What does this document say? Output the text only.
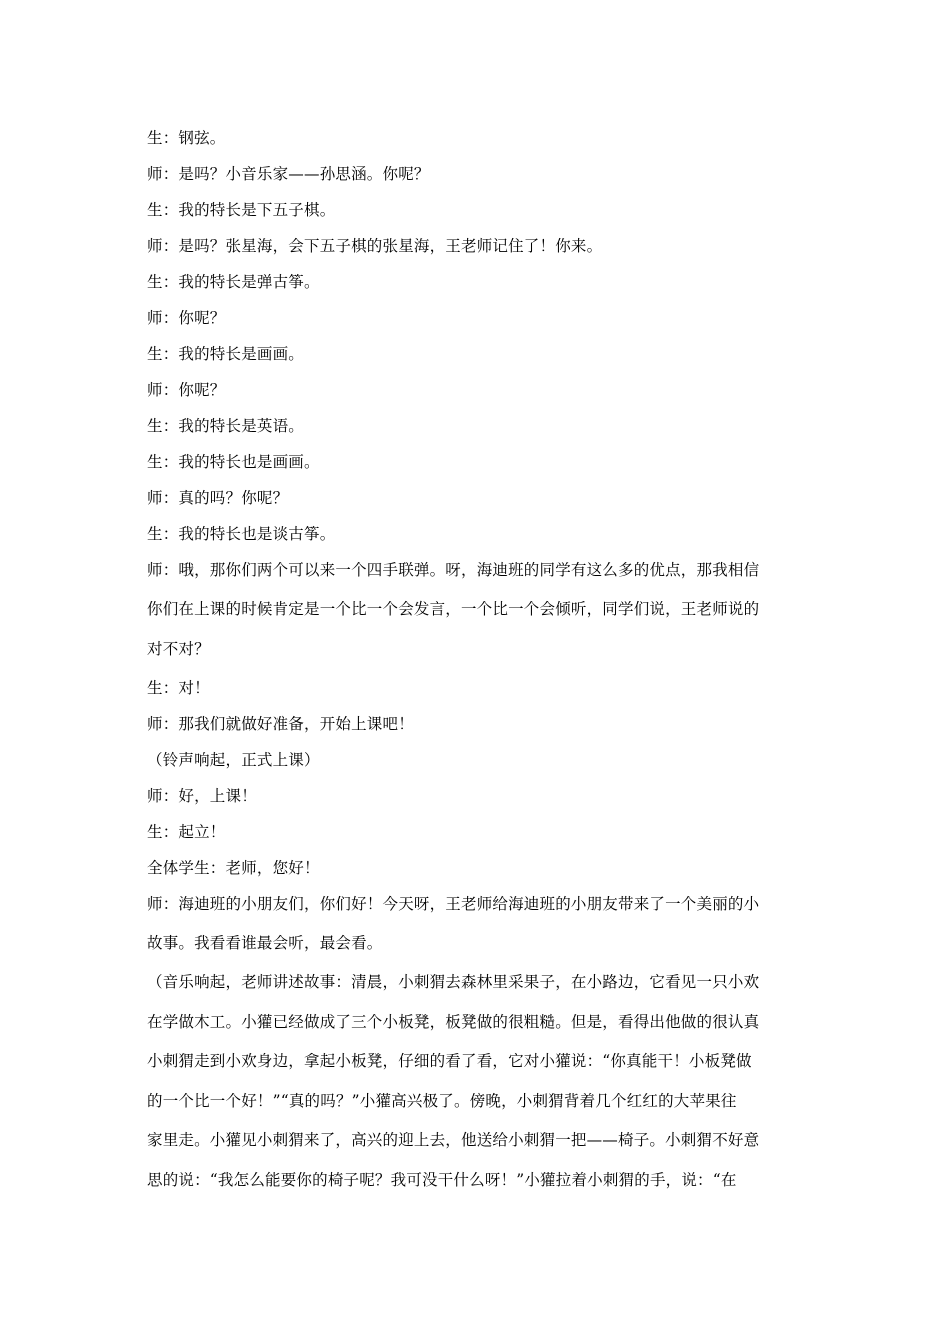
生：钢弦。
师：是吗？小音乐家——孙思涵。你呢？
生：我的特长是下五子棋。
师：是吗？张星海，会下五子棋的张星海，王老师记住了！你来。
生：我的特长是弹古筝。
师：你呢？
生：我的特长是画画。
师：你呢？
生：我的特长是英语。
生：我的特长也是画画。
师：真的吗？你呢？
生：我的特长也是谈古筝。
师：哦，那你们两个可以来一个四手联弹。呀，海迪班的同学有这么多的优点，那我相信
你们在上课的时候肯定是一个比一个会发言，一个比一个会倾听，同学们说，王老师说的
对不对？
生：对！
师：那我们就做好准备，开始上课吧！
（铃声响起，正式上课）
师：好，上课！
生：起立！
全体学生：老师，您好！
师：海迪班的小朋友们，你们好！今天呀，王老师给海迪班的小朋友带来了一个美丽的小
故事。我看看谁最会听，最会看。
（音乐响起，老师讲述故事：清晨，小刺猬去森林里采果子，在小路边，它看见一只小欢
在学做木工。小獾已经做成了三个小板凳，板凳做的很粗糙。但是，看得出他做的很认真
小刺猬走到小欢身边，拿起小板凳，仔细的看了看，它对小獾说：“你真能干！小板凳做
的一个比一个好！”“真的吗？”小獾高兴极了。傍晚，小刺猬背着几个红红的大苹果往
家里走。小獾见小刺猬来了，高兴的迎上去，他送给小刺猬一把——椅子。小刺猬不好意
思的说：“我怎么能要你的椅子呢？我可没干什么呀！”小獾拉着小刺猬的手，说：“在
